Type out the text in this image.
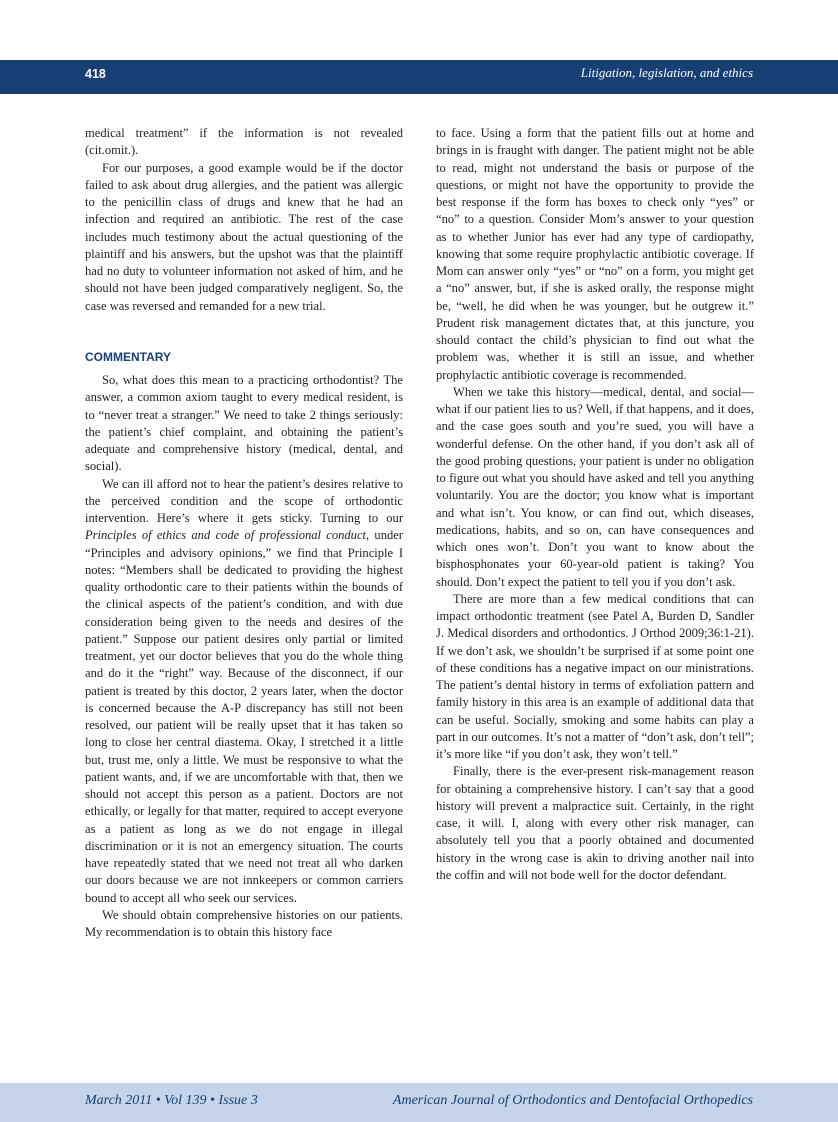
418	Litigation, legislation, and ethics

medical treatment” if the information is not revealed (cit.omit.).

For our purposes, a good example would be if the doctor failed to ask about drug allergies, and the patient was allergic to the penicillin class of drugs and knew that he had an infection and required an antibiotic. The rest of the case includes much testimony about the actual questioning of the plaintiff and his answers, but the upshot was that the plaintiff had no duty to volunteer information not asked of him, and he should not have been judged comparatively negligent. So, the case was reversed and remanded for a new trial.

COMMENTARY

So, what does this mean to a practicing orthodontist? The answer, a common axiom taught to every medical resident, is to “never treat a stranger.” We need to take 2 things seriously: the patient’s chief complaint, and obtaining the patient’s adequate and comprehensive history (medical, dental, and social).

We can ill afford not to hear the patient’s desires relative to the perceived condition and the scope of orthodontic intervention. Here’s where it gets sticky. Turning to our Principles of ethics and code of professional conduct, under “Principles and advisory opinions,” we find that Principle I notes: “Members shall be dedicated to providing the highest quality orthodontic care to their patients within the bounds of the clinical aspects of the patient’s condition, and with due consideration being given to the needs and desires of the patient.” Suppose our patient desires only partial or limited treatment, yet our doctor believes that you do the whole thing and do it the “right” way. Because of the disconnect, if our patient is treated by this doctor, 2 years later, when the doctor is concerned because the A-P discrepancy has still not been resolved, our patient will be really upset that it has taken so long to close her central diastema. Okay, I stretched it a little but, trust me, only a little. We must be responsive to what the patient wants, and, if we are uncomfortable with that, then we should not accept this person as a patient. Doctors are not ethically, or legally for that matter, required to accept everyone as a patient as long as we do not engage in illegal discrimination or it is not an emergency situation. The courts have repeatedly stated that we need not treat all who darken our doors because we are not innkeepers or common carriers bound to accept all who seek our services.

We should obtain comprehensive histories on our patients. My recommendation is to obtain this history face

to face. Using a form that the patient fills out at home and brings in is fraught with danger. The patient might not be able to read, might not understand the basis or purpose of the questions, or might not have the opportunity to provide the best response if the form has boxes to check only “yes” or “no” to a question. Consider Mom’s answer to your question as to whether Junior has ever had any type of cardiopathy, knowing that some require prophylactic antibiotic coverage. If Mom can answer only “yes” or “no” on a form, you might get a “no” answer, but, if she is asked orally, the response might be, “well, he did when he was younger, but he outgrew it.” Prudent risk management dictates that, at this juncture, you should contact the child’s physician to find out what the problem was, whether it is still an issue, and whether prophylactic antibiotic coverage is recommended.

When we take this history—medical, dental, and social—what if our patient lies to us? Well, if that happens, and it does, and the case goes south and you’re sued, you will have a wonderful defense. On the other hand, if you don’t ask all of the good probing questions, your patient is under no obligation to figure out what you should have asked and tell you anything voluntarily. You are the doctor; you know what is important and what isn’t. You know, or can find out, which diseases, medications, habits, and so on, can have consequences and which ones won’t. Don’t you want to know about the bisphosphonates your 60-year-old patient is taking? You should. Don’t expect the patient to tell you if you don’t ask.

There are more than a few medical conditions that can impact orthodontic treatment (see Patel A, Burden D, Sandler J. Medical disorders and orthodontics. J Orthod 2009;36:1-21). If we don’t ask, we shouldn’t be surprised if at some point one of these conditions has a negative impact on our ministrations. The patient’s dental history in terms of exfoliation pattern and family history in this area is an example of additional data that can be useful. Socially, smoking and some habits can play a part in our outcomes. It’s not a matter of “don’t ask, don’t tell”; it’s more like “if you don’t ask, they won’t tell.”

Finally, there is the ever-present risk-management reason for obtaining a comprehensive history. I can’t say that a good history will prevent a malpractice suit. Certainly, in the right case, it will. I, along with every other risk manager, can absolutely tell you that a poorly obtained and documented history in the wrong case is akin to driving another nail into the coffin and will not bode well for the doctor defendant.

March 2011 • Vol 139 • Issue 3	American Journal of Orthodontics and Dentofacial Orthopedics
